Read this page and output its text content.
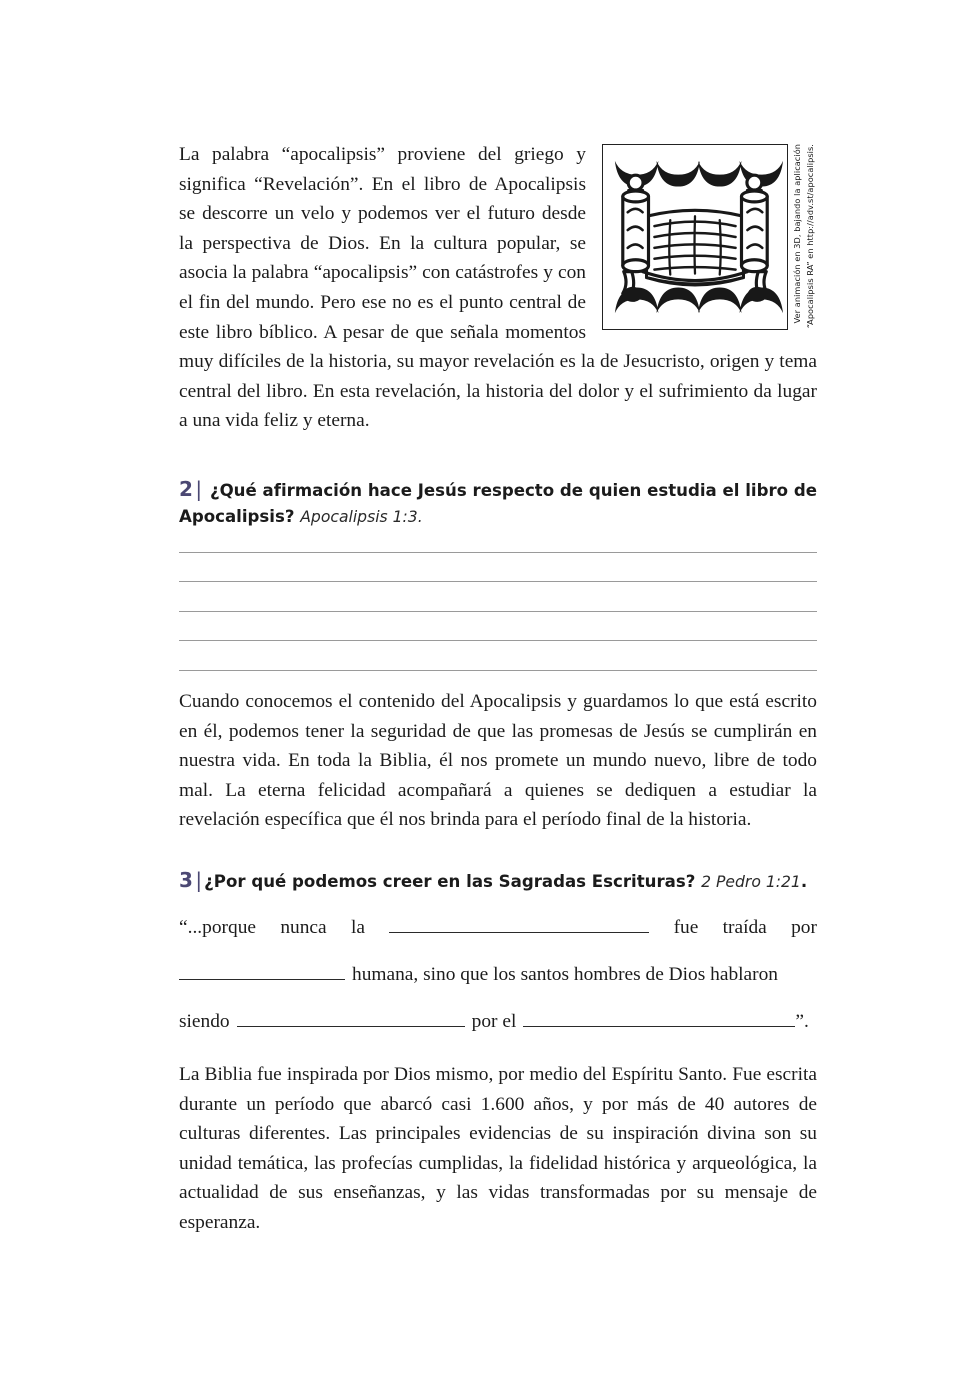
Ver animación en 3D, bajando la aplicación “Apocalipsis RA” en http://adv.st/apocalipsis.

La palabra “apocalipsis” proviene del griego y significa “Revelación”. En el libro de Apocalipsis se descorre un velo y podemos ver el futuro desde la perspectiva de Dios. En la cultura popular, se asocia la palabra “apocalipsis” con catástrofes y con el fin del mundo. Pero ese no es el punto central de este libro bíblico. A pesar de que señala momentos muy difíciles de la historia, su mayor revelación es la de Jesucristo, origen y tema central del libro. En esta revelación, la historia del dolor y el sufrimiento da lugar a una vida feliz y eterna.

2 | ¿Qué afirmación hace Jesús respecto de quien estudia el libro de Apocalipsis? Apocalipsis 1:3.

Cuando conocemos el contenido del Apocalipsis y guardamos lo que está escrito en él, podemos tener la seguridad de que las promesas de Jesús se cumplirán en nuestra vida. En toda la Biblia, él nos promete un mundo nuevo, libre de todo mal. La eterna felicidad acompañará a quienes se dediquen a estudiar la revelación específica que él nos brinda para el período final de la historia.

3 | ¿Por qué podemos creer en las Sagradas Escrituras? 2 Pedro 1:21.

“...porque nunca la	fue traída por

humana, sino que los santos hombres de Dios hablaron

siendo	por el	”.

La Biblia fue inspirada por Dios mismo, por medio del Espíritu Santo. Fue escrita durante un período que abarcó casi 1.600 años, y por más de 40 autores de culturas diferentes. Las principales evidencias de su inspiración divina son su unidad temática, las profecías cumplidas, la fidelidad histórica y arqueológica, la actualidad de sus enseñanzas, y las vidas transformadas por su mensaje de esperanza.
